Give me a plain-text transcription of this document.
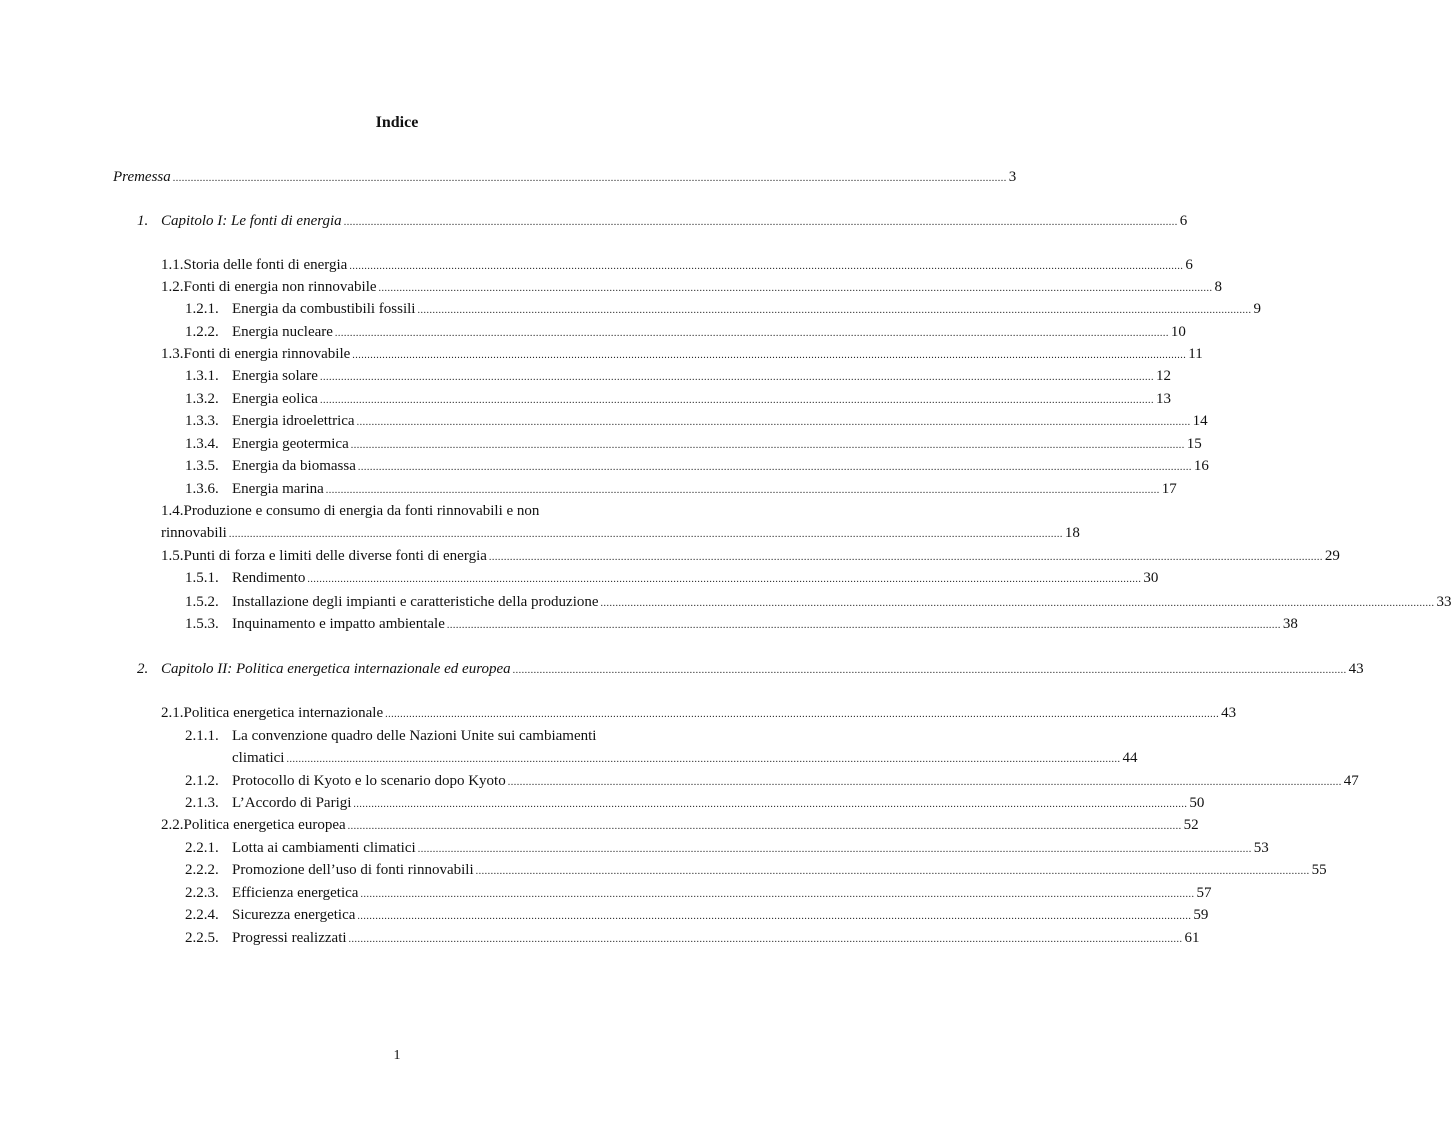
Indice
Premessa .....	3
1. Capitolo I: Le fonti di energia .....	6
1.1. Storia delle fonti di energia .....	6
1.2. Fonti di energia non rinnovabile .....	8
1.2.1. Energia da combustibili fossili .....	9
1.2.2. Energia nucleare .....	10
1.3. Fonti di energia rinnovabile .....	11
1.3.1. Energia solare .....	12
1.3.2. Energia eolica .....	13
1.3.3. Energia idroelettrica .....	14
1.3.4. Energia geotermica .....	15
1.3.5. Energia da biomassa .....	16
1.3.6. Energia marina .....	17
1.4.Produzione e consumo di energia da fonti rinnovabili e non
rinnovabili .....	18
1.5. Punti di forza e limiti delle diverse fonti di energia .....	29
1.5.1. Rendimento .....	30
1.5.2. Installazione degli impianti e caratteristiche della produzione .....	33
1.5.3. Inquinamento e impatto ambientale .....	38
2. Capitolo II: Politica energetica internazionale ed europea .....	43
2.1. Politica energetica internazionale .....	43
2.1.1. La convenzione quadro delle Nazioni Unite sui cambiamenti
climatici .....	44
2.1.2. Protocollo di Kyoto e lo scenario dopo Kyoto .....	47
2.1.3. L’Accordo di Parigi .....	50
2.2. Politica energetica europea .....	52
2.2.1. Lotta ai cambiamenti climatici .....	53
2.2.2. Promozione dell’uso di fonti rinnovabili .....	55
2.2.3. Efficienza energetica .....	57
2.2.4. Sicurezza energetica .....	59
2.2.5. Progressi realizzati .....	61
1
